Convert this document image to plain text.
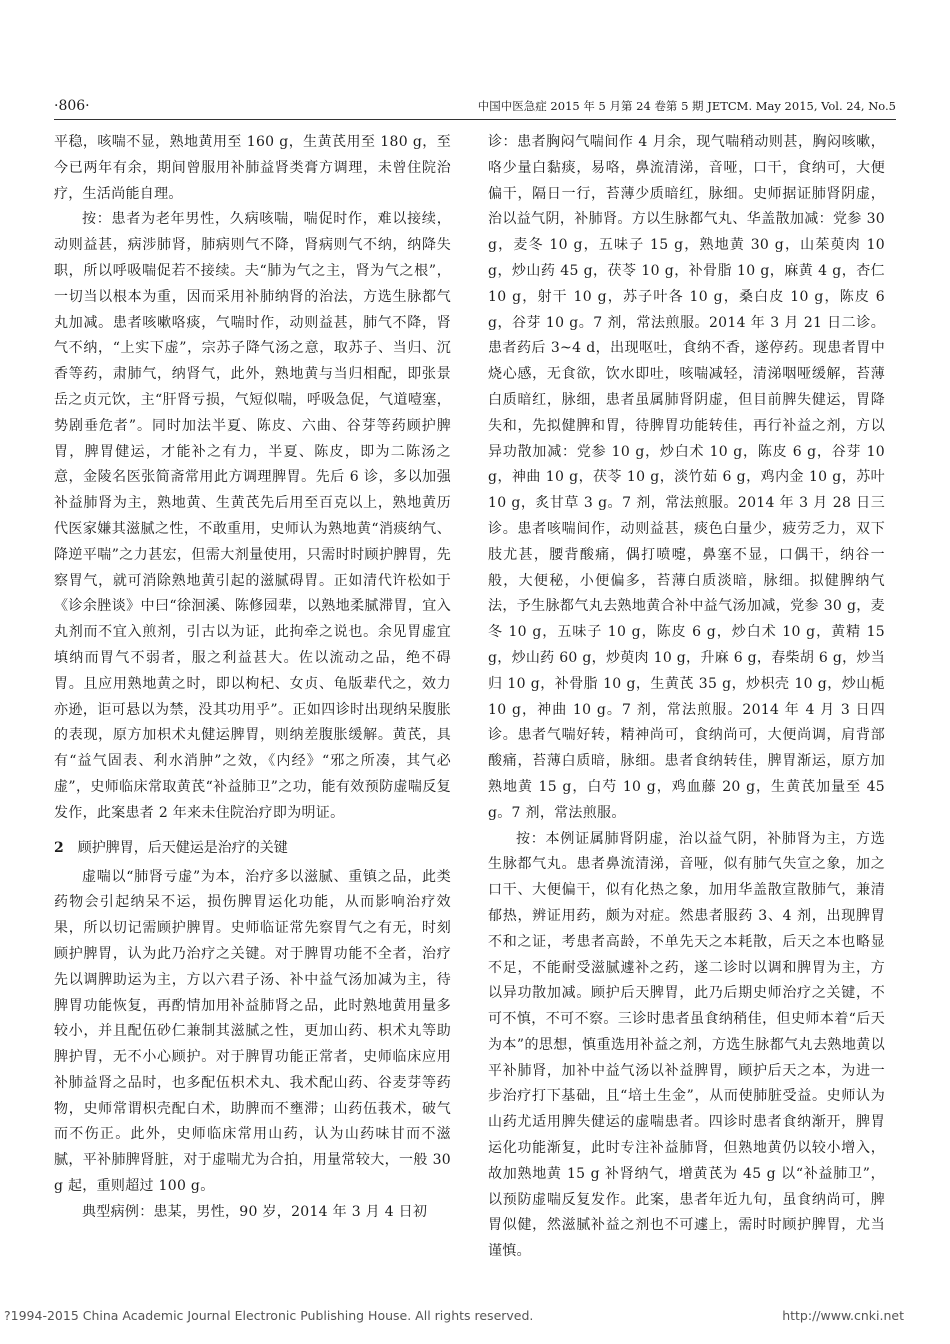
·806·	中国中医急症 2015 年 5 月第 24 卷第 5 期 JETCM. May 2015, Vol. 24, No.5

平稳，咳喘不显，熟地黄用至 160 g，生黄芪用至 180 g，至今已两年有余，期间曾服用补肺益肾类膏方调理，未曾住院治疗，生活尚能自理。

按：患者为老年男性，久病咳喘，喘促时作，难以接续，动则益甚，病涉肺肾，肺病则气不降，肾病则气不纳，纳降失职，所以呼吸喘促若不接续。夫“肺为气之主，肾为气之根”，一切当以根本为重，因而采用补肺纳肾的治法，方选生脉都气丸加减。患者咳嗽咯痰，气喘时作，动则益甚，肺气不降，肾气不纳，“上实下虚”，宗苏子降气汤之意，取苏子、当归、沉香等药，肃肺气，纳肾气，此外，熟地黄与当归相配，即张景岳之贞元饮，主“肝肾亏损，气短似喘，呼吸急促，气道噎塞，势剧垂危者”。同时加法半夏、陈皮、六曲、谷芽等药顾护脾胃，脾胃健运，才能补之有力，半夏、陈皮，即为二陈汤之意，金陵名医张简斋常用此方调理脾胃。先后 6 诊，多以加强补益肺肾为主，熟地黄、生黄芪先后用至百克以上，熟地黄历代医家嫌其滋腻之性，不敢重用，史师认为熟地黄“消痰纳气、降逆平喘”之力甚宏，但需大剂量使用，只需时时顾护脾胃，先察胃气，就可消除熟地黄引起的滋腻碍胃。正如清代许松如于《诊余脞谈》中曰“徐洄溪、陈修园辈，以熟地柔腻滞胃，宜入丸剂而不宜入煎剂，引古以为证，此拘牵之说也。余见胃虚宜填纳而胃气不弱者，服之利益甚大。佐以流动之品，绝不碍胃。且应用熟地黄之时，即以枸杞、女贞、龟版辈代之，效力亦逊，讵可悬以为禁，没其功用乎”。正如四诊时出现纳呆腹胀的表现，原方加枳术丸健运脾胃，则纳差腹胀缓解。黄芪，具有“益气固表、利水消肿”之效，《内经》“邪之所凑，其气必虚”，史师临床常取黄芪“补益肺卫”之功，能有效预防虚喘反复发作，此案患者 2 年来未住院治疗即为明证。

2 顾护脾胃，后天健运是治疗的关键

虚喘以“肺肾亏虚”为本，治疗多以滋腻、重镇之品，此类药物会引起纳呆不运，损伤脾胃运化功能，从而影响治疗效果，所以切记需顾护脾胃。史师临证常先察胃气之有无，时刻顾护脾胃，认为此乃治疗之关键。对于脾胃功能不全者，治疗先以调脾助运为主，方以六君子汤、补中益气汤加减为主，待脾胃功能恢复，再酌情加用补益肺肾之品，此时熟地黄用量多较小，并且配伍砂仁兼制其滋腻之性，更加山药、枳术丸等助脾护胃，无不小心顾护。对于脾胃功能正常者，史师临床应用补肺益肾之品时，也多配伍枳术丸、我术配山药、谷麦芽等药物，史师常谓枳壳配白术，助脾而不壅滞；山药伍莪术，破气而不伤正。此外，史师临床常用山药，认为山药味甘而不滋腻，平补肺脾肾脏，对于虚喘尤为合拍，用量常较大，一般 30 g 起，重则超过 100 g。

典型病例：患某，男性，90 岁，2014 年 3 月 4 日初

诊：患者胸闷气喘间作 4 月余，现气喘稍动则甚，胸闷咳嗽，咯少量白黏痰，易咯，鼻流清涕，音哑，口干，食纳可，大便偏干，隔日一行，苔薄少质暗红，脉细。史师据证肺肾阴虚，治以益气阴，补肺肾。方以生脉都气丸、华盖散加减：党参 30 g，麦冬 10 g，五味子 15 g，熟地黄 30 g，山茱萸肉 10 g，炒山药 45 g，茯苓 10 g，补骨脂 10 g，麻黄 4 g，杏仁 10 g，射干 10 g，苏子叶各 10 g，桑白皮 10 g，陈皮 6 g，谷芽 10 g。7 剂，常法煎服。2014 年 3 月 21 日二诊。患者药后 3~4 d，出现呕吐，食纳不香，遂停药。现患者胃中烧心感，无食欲，饮水即吐，咳喘减轻，清涕咽哑缓解，苔薄白质暗红，脉细，患者虽属肺肾阴虚，但目前脾失健运，胃降失和，先拟健脾和胃，待脾胃功能转佳，再行补益之剂，方以异功散加减：党参 10 g，炒白术 10 g，陈皮 6 g，谷芽 10 g，神曲 10 g，茯苓 10 g，淡竹茹 6 g，鸡内金 10 g，苏叶 10 g，炙甘草 3 g。7 剂，常法煎服。2014 年 3 月 28 日三诊。患者咳喘间作，动则益甚，痰色白量少，疲劳乏力，双下肢尤甚，腰背酸痛，偶打喷嚏，鼻塞不显，口偶干，纳谷一般，大便秘，小便偏多，苔薄白质淡暗，脉细。拟健脾纳气法，予生脉都气丸去熟地黄合补中益气汤加减，党参 30 g，麦冬 10 g，五味子 10 g，陈皮 6 g，炒白术 10 g，黄精 15 g，炒山药 60 g，炒萸肉 10 g，升麻 6 g，春柴胡 6 g，炒当归 10 g，补骨脂 10 g，生黄芪 35 g，炒枳壳 10 g，炒山栀 10 g，神曲 10 g。7 剂，常法煎服。2014 年 4 月 3 日四诊。患者气喘好转，精神尚可，食纳尚可，大便尚调，肩背部酸痛，苔薄白质暗，脉细。患者食纳转佳，脾胃渐运，原方加熟地黄 15 g，白芍 10 g，鸡血藤 20 g，生黄芪加量至 45 g。7 剂，常法煎服。

按：本例证属肺肾阴虚，治以益气阴，补肺肾为主，方选生脉都气丸。患者鼻流清涕，音哑，似有肺气失宣之象，加之口干、大便偏干，似有化热之象，加用华盖散宣散肺气，兼清郁热，辨证用药，颇为对症。然患者服药 3、4 剂，出现脾胃不和之证，考患者高龄，不单先天之本耗散，后天之本也略显不足，不能耐受滋腻遽补之药，遂二诊时以调和脾胃为主，方以异功散加减。顾护后天脾胃，此乃后期史师治疗之关键，不可不慎，不可不察。三诊时患者虽食纳稍佳，但史师本着“后天为本”的思想，慎重选用补益之剂，方选生脉都气丸去熟地黄以平补肺肾，加补中益气汤以补益脾胃，顾护后天之本，为进一步治疗打下基础，且“培土生金”，从而使肺脏受益。史师认为山药尤适用脾失健运的虚喘患者。四诊时患者食纳渐开，脾胃运化功能渐复，此时专注补益肺肾，但熟地黄仍以较小增入，故加熟地黄 15 g 补肾纳气，增黄芪为 45 g 以“补益肺卫”，以预防虚喘反复发作。此案，患者年近九旬，虽食纳尚可，脾胃似健，然滋腻补益之剂也不可遽上，需时时顾护脾胃，尤当谨慎。

?1994-2015 China Academic Journal Electronic Publishing House. All rights reserved.	http://www.cnki.net
